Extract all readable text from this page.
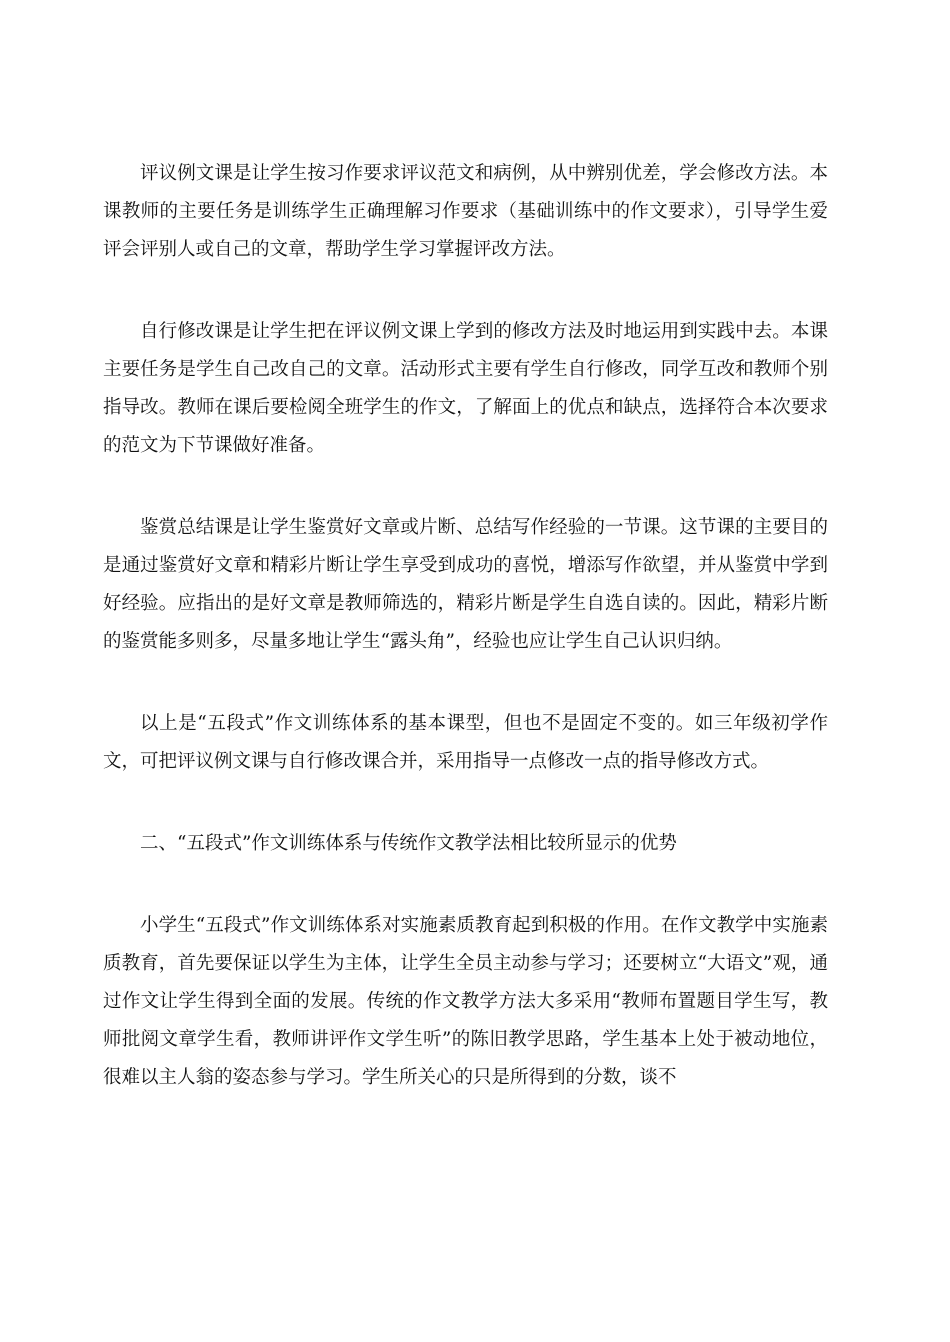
评议例文课是让学生按习作要求评议范文和病例，从中辨别优差，学会修改方法。本课教师的主要任务是训练学生正确理解习作要求（基础训练中的作文要求），引导学生爱评会评别人或自己的文章，帮助学生学习掌握评改方法。

自行修改课是让学生把在评议例文课上学到的修改方法及时地运用到实践中去。本课主要任务是学生自己改自己的文章。活动形式主要有学生自行修改，同学互改和教师个别指导改。教师在课后要检阅全班学生的作文，了解面上的优点和缺点，选择符合本次要求的范文为下节课做好准备。

鉴赏总结课是让学生鉴赏好文章或片断、总结写作经验的一节课。这节课的主要目的是通过鉴赏好文章和精彩片断让学生享受到成功的喜悦，增添写作欲望，并从鉴赏中学到好经验。应指出的是好文章是教师筛选的，精彩片断是学生自选自读的。因此，精彩片断的鉴赏能多则多，尽量多地让学生“露头角”，经验也应让学生自己认识归纳。

以上是“五段式”作文训练体系的基本课型，但也不是固定不变的。如三年级初学作文，可把评议例文课与自行修改课合并，采用指导一点修改一点的指导修改方式。

二、“五段式”作文训练体系与传统作文教学法相比较所显示的优势

小学生“五段式”作文训练体系对实施素质教育起到积极的作用。在作文教学中实施素质教育，首先要保证以学生为主体，让学生全员主动参与学习；还要树立“大语文”观，通过作文让学生得到全面的发展。传统的作文教学方法大多采用“教师布置题目学生写，教师批阅文章学生看，教师讲评作文学生听”的陈旧教学思路，学生基本上处于被动地位，很难以主人翁的姿态参与学习。学生所关心的只是所得到的分数，谈不
